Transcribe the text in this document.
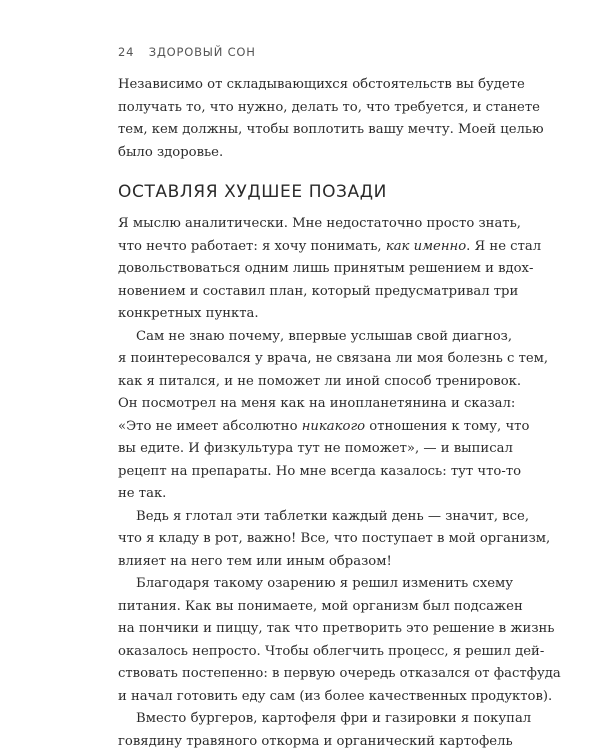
24 ЗДОРОВЫЙ СОН
Независимо от складывающихся обстоятельств вы будете
получать то, что нужно, делать то, что требуется, и станете
тем, кем должны, чтобы воплотить вашу мечту. Моей целью
было здоровье.
ОСТАВЛЯЯ ХУДШЕЕ ПОЗАДИ
Я мыслю аналитически. Мне недостаточно просто знать,
что нечто работает: я хочу понимать, как именно. Я не стал
довольствоваться одним лишь принятым решением и вдох-
новением и составил план, который предусматривал три
конкретных пункта.
Сам не знаю почему, впервые услышав свой диагноз,
я поинтересовался у врача, не связана ли моя болезнь с тем,
как я питался, и не поможет ли иной способ тренировок.
Он посмотрел на меня как на инопланетянина и сказал:
«Это не имеет абсолютно никакого отношения к тому, что
вы едите. И физкультура тут не поможет», — и выписал
рецепт на препараты. Но мне всегда казалось: тут что-то
не так.
Ведь я глотал эти таблетки каждый день — значит, все,
что я кладу в рот, важно! Все, что поступает в мой организм,
влияет на него тем или иным образом!
Благодаря такому озарению я решил изменить схему
питания. Как вы понимаете, мой организм был подсажен
на пончики и пиццу, так что претворить это решение в жизнь
оказалось непросто. Чтобы облегчить процесс, я решил дей-
ствовать постепенно: в первую очередь отказался от фастфуда
и начал готовить еду сам (из более качественных продуктов).
Вместо бургеров, картофеля фри и газировки я покупал
говядину травяного откорма и органический картофель
